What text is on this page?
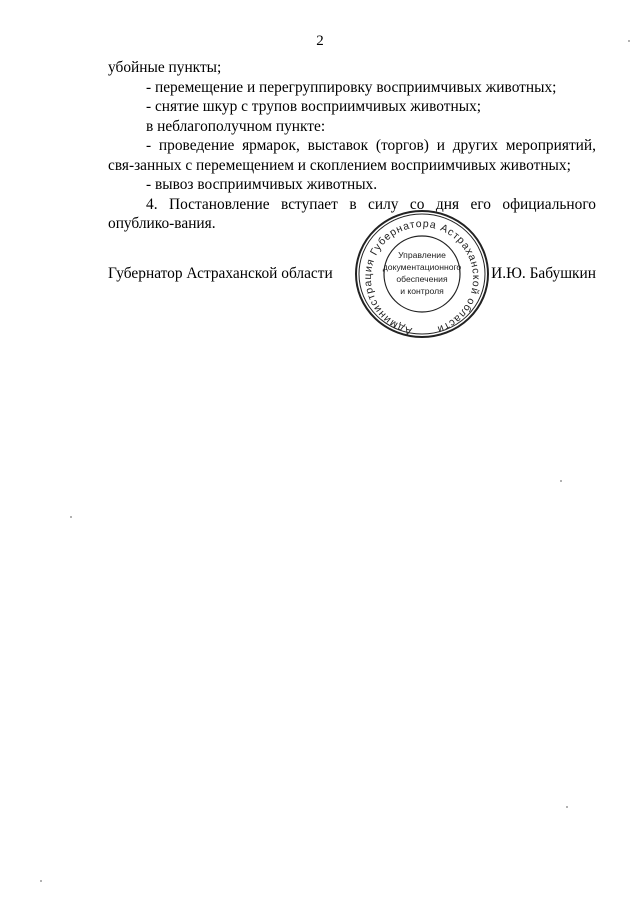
2

убойные пункты;

- перемещение и перегруппировку восприимчивых животных;

- снятие шкур с трупов восприимчивых животных;

в неблагополучном пункте:

- проведение ярмарок, выставок (торгов) и других мероприятий, свя-занных с перемещением и скоплением восприимчивых животных;

- вывоз восприимчивых животных.

4. Постановление вступает в силу со дня его официального опублико-вания.

Губернатор Астраханской области
Администрация Губернатора Астраханской области
Управление
документационного
обеспечения
и контроля
И.Ю. Бабушкин
